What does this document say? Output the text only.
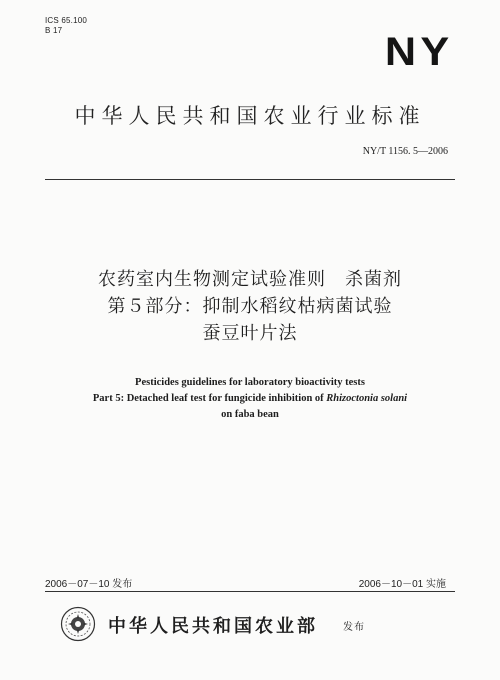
ICS 65.100
B 17	NY
中华人民共和国农业行业标准
NY/T 1156. 5—2006
农药室内生物测定试验准则　杀菌剂
第５部分：抑制水稻纹枯病菌试验
蚕豆叶片法
Pesticides guidelines for laboratory bioactivity tests
Part 5: Detached leaf test for fungicide inhibition of Rhizoctonia solani
on faba bean
2006－07－10 发布	2006－10－01 实施
中华人民共和国农业部	发布
